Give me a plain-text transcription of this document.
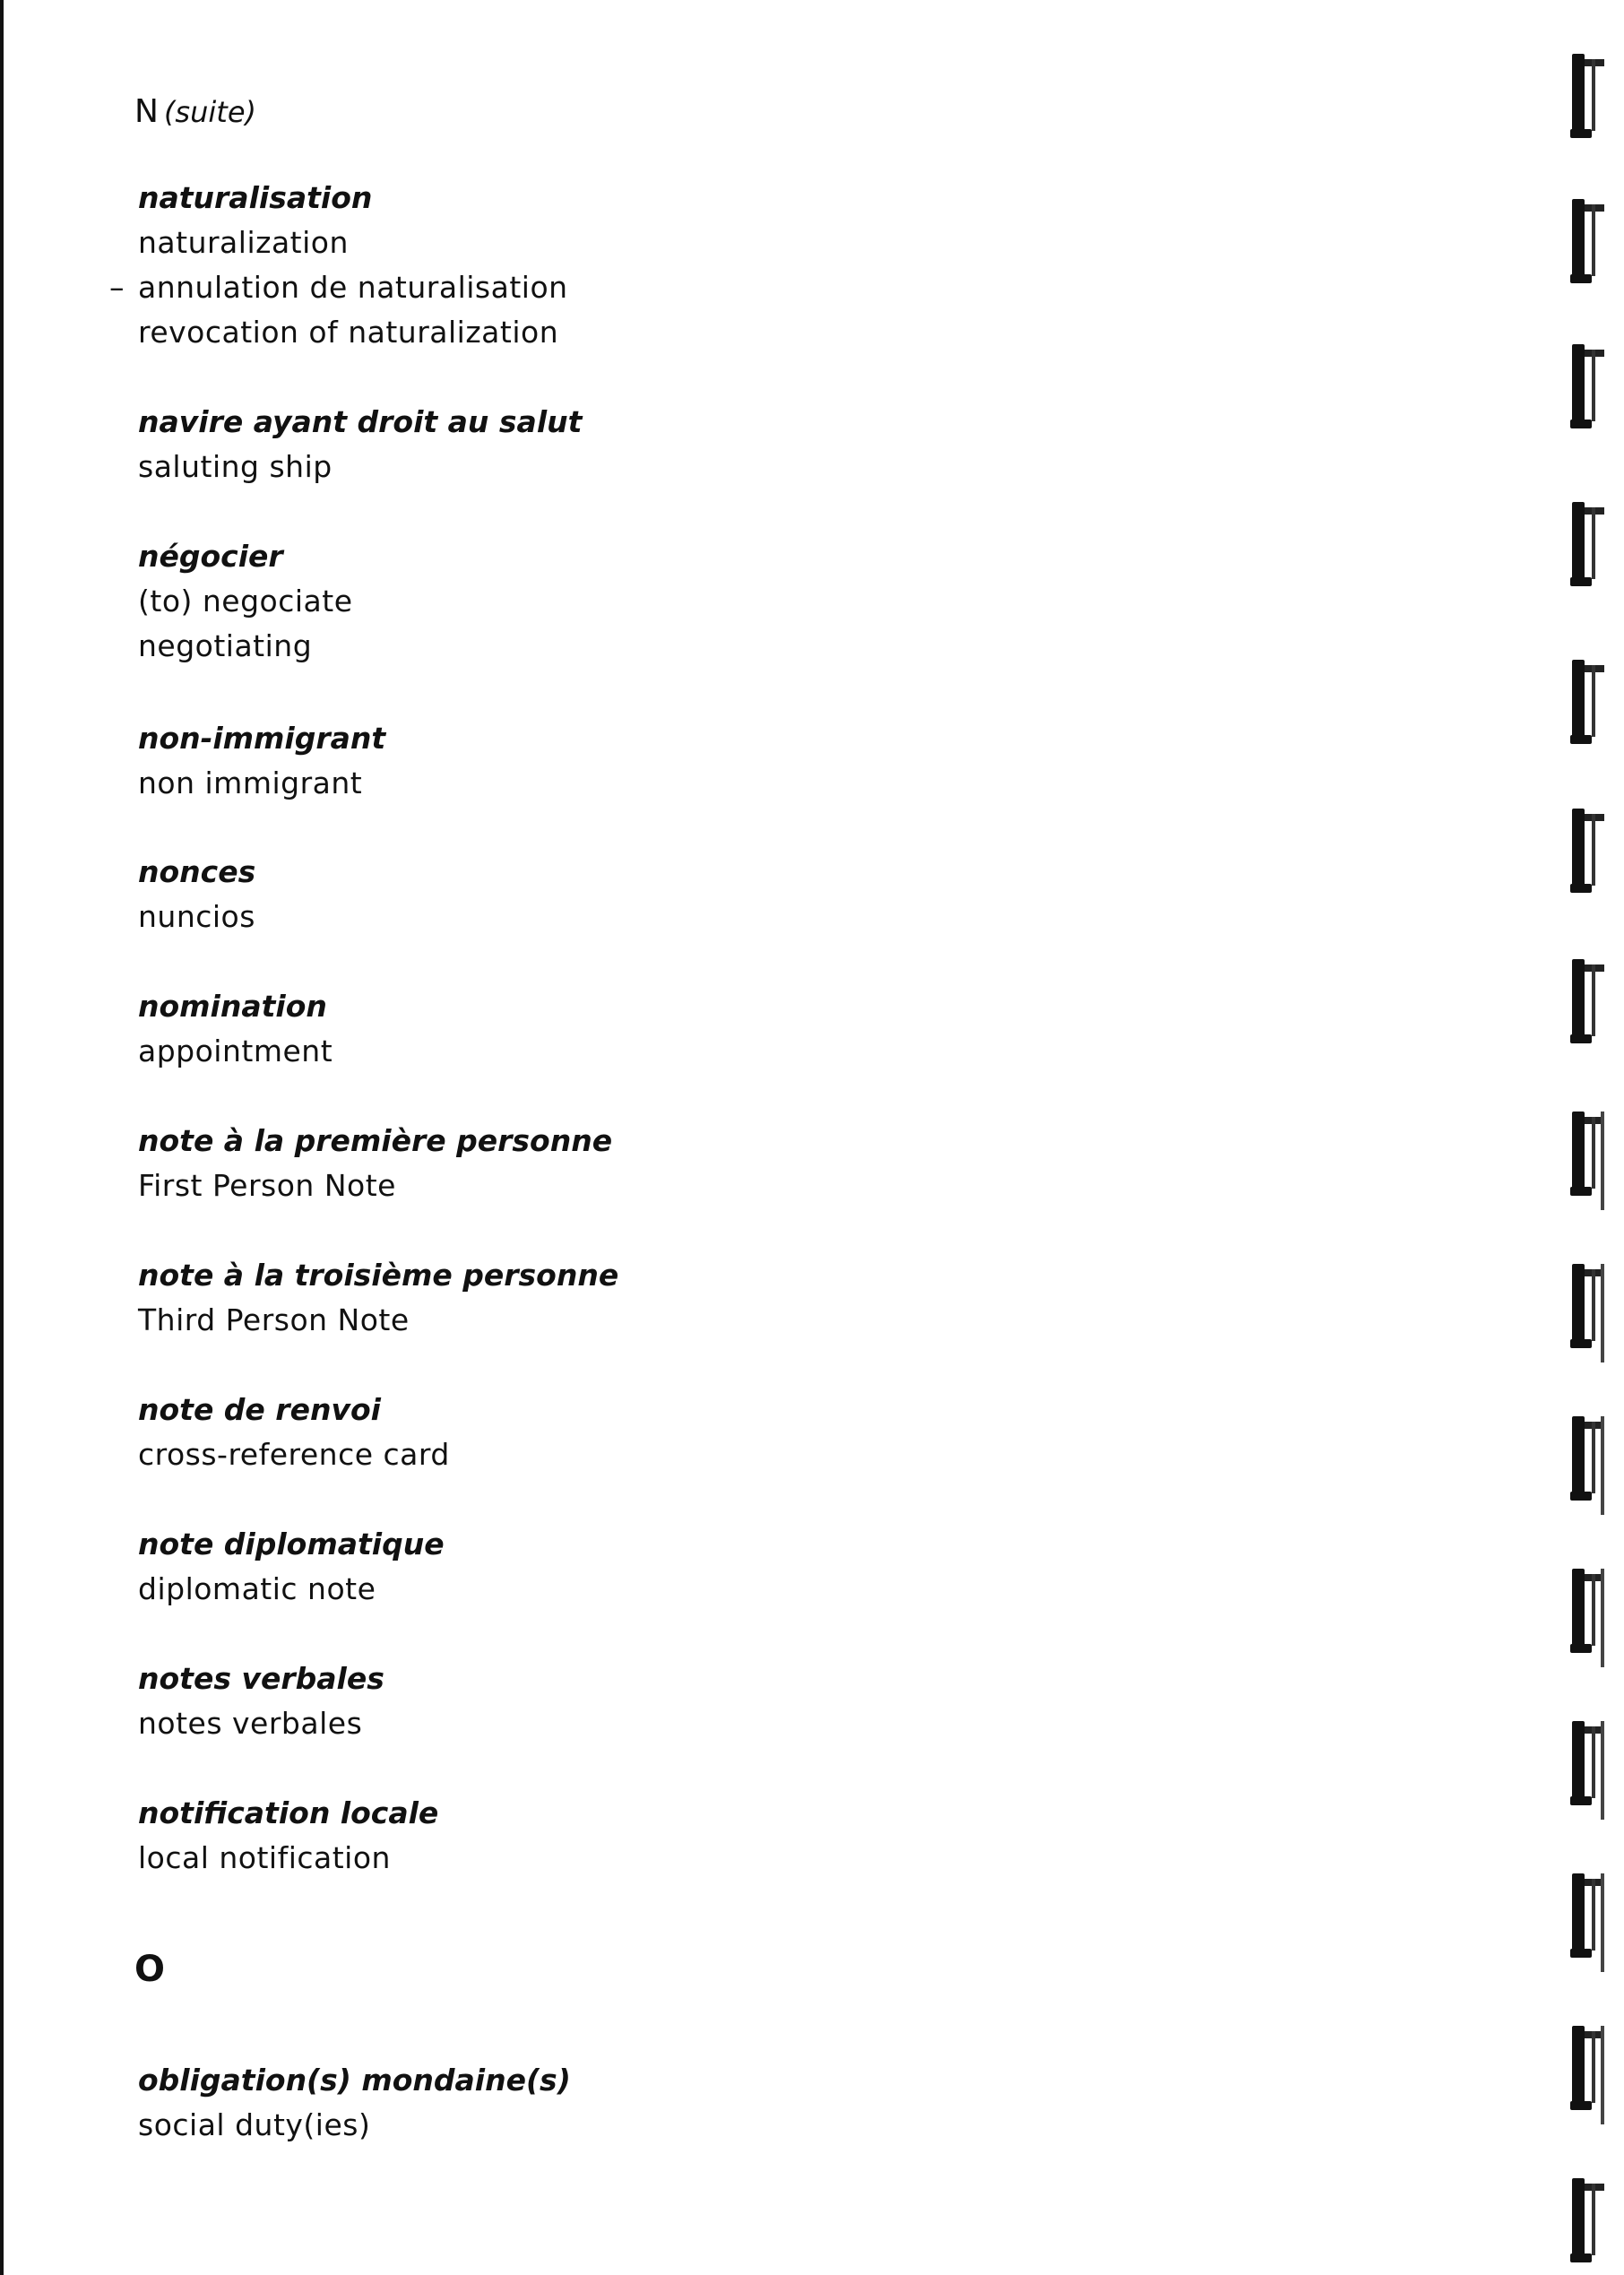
N (suite)
naturalisation
naturalization
– annulation de naturalisation
revocation of naturalization
navire ayant droit au salut
saluting ship
négocier
(to) negociate
negotiating
non-immigrant
non immigrant
nonces
nuncios
nomination
appointment
note à la première personne
First Person Note
note à la troisième personne
Third Person Note
note de renvoi
cross-reference card
note diplomatique
diplomatic note
notes verbales
notes verbales
notification locale
local notification
O
obligation(s) mondaine(s)
social duty(ies)
